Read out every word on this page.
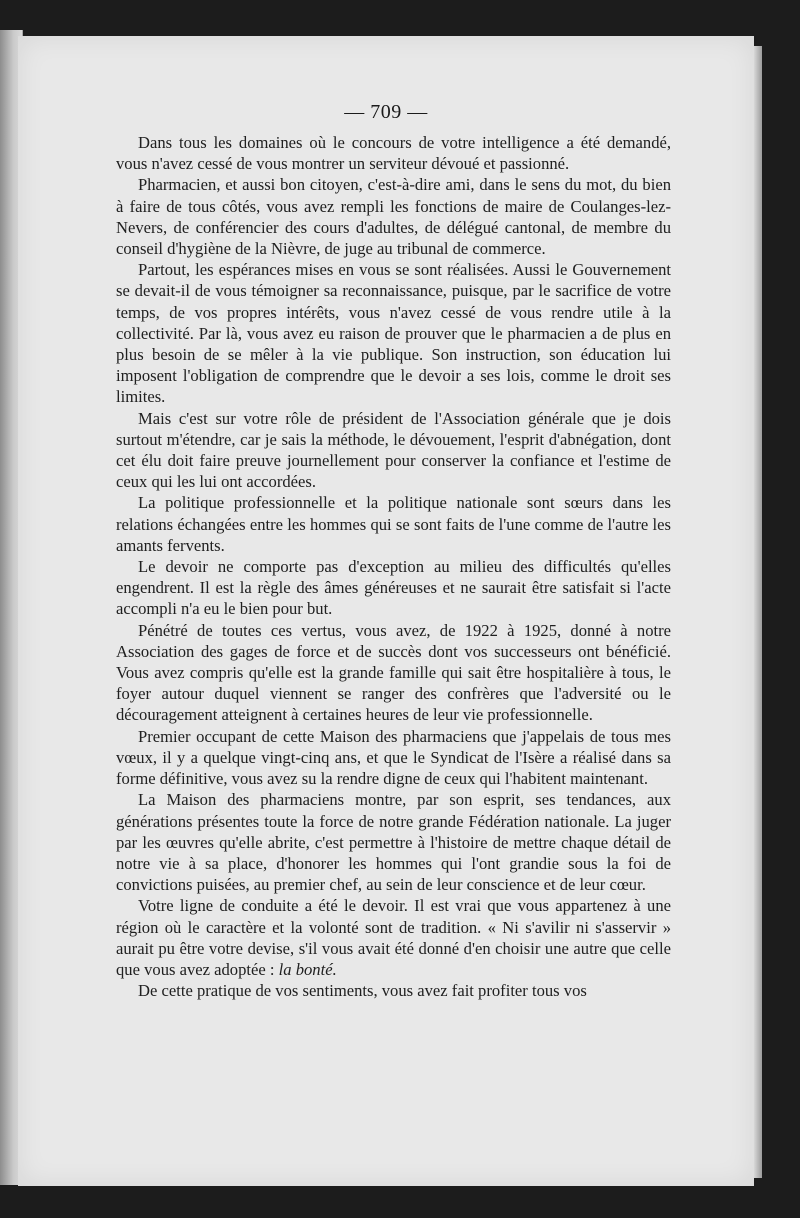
— 709 —

Dans tous les domaines où le concours de votre intelligence a été demandé, vous n'avez cessé de vous montrer un serviteur dévoué et passionné.

Pharmacien, et aussi bon citoyen, c'est-à-dire ami, dans le sens du mot, du bien à faire de tous côtés, vous avez rempli les fonctions de maire de Coulanges-lez-Nevers, de conférencier des cours d'adultes, de délégué cantonal, de membre du conseil d'hygiène de la Nièvre, de juge au tribunal de commerce.

Partout, les espérances mises en vous se sont réalisées. Aussi le Gouvernement se devait-il de vous témoigner sa reconnaissance, puisque, par le sacrifice de votre temps, de vos propres intérêts, vous n'avez cessé de vous rendre utile à la collectivité. Par là, vous avez eu raison de prouver que le pharmacien a de plus en plus besoin de se mêler à la vie publique. Son instruction, son éducation lui imposent l'obligation de comprendre que le devoir a ses lois, comme le droit ses limites.

Mais c'est sur votre rôle de président de l'Association générale que je dois surtout m'étendre, car je sais la méthode, le dévouement, l'esprit d'abnégation, dont cet élu doit faire preuve journellement pour conserver la confiance et l'estime de ceux qui les lui ont accordées.

La politique professionnelle et la politique nationale sont sœurs dans les relations échangées entre les hommes qui se sont faits de l'une comme de l'autre les amants fervents.

Le devoir ne comporte pas d'exception au milieu des difficultés qu'elles engendrent. Il est la règle des âmes généreuses et ne saurait être satisfait si l'acte accompli n'a eu le bien pour but.

Pénétré de toutes ces vertus, vous avez, de 1922 à 1925, donné à notre Association des gages de force et de succès dont vos successeurs ont bénéficié. Vous avez compris qu'elle est la grande famille qui sait être hospitalière à tous, le foyer autour duquel viennent se ranger des confrères que l'adversité ou le découragement atteignent à certaines heures de leur vie professionnelle.

Premier occupant de cette Maison des pharmaciens que j'appelais de tous mes vœux, il y a quelque vingt-cinq ans, et que le Syndicat de l'Isère a réalisé dans sa forme définitive, vous avez su la rendre digne de ceux qui l'habitent maintenant.

La Maison des pharmaciens montre, par son esprit, ses tendances, aux générations présentes toute la force de notre grande Fédération nationale. La juger par les œuvres qu'elle abrite, c'est permettre à l'histoire de mettre chaque détail de notre vie à sa place, d'honorer les hommes qui l'ont grandie sous la foi de convictions puisées, au premier chef, au sein de leur conscience et de leur cœur.

Votre ligne de conduite a été le devoir. Il est vrai que vous appartenez à une région où le caractère et la volonté sont de tradition. « Ni s'avilir ni s'asservir » aurait pu être votre devise, s'il vous avait été donné d'en choisir une autre que celle que vous avez adoptée : la bonté.

De cette pratique de vos sentiments, vous avez fait profiter tous vos
